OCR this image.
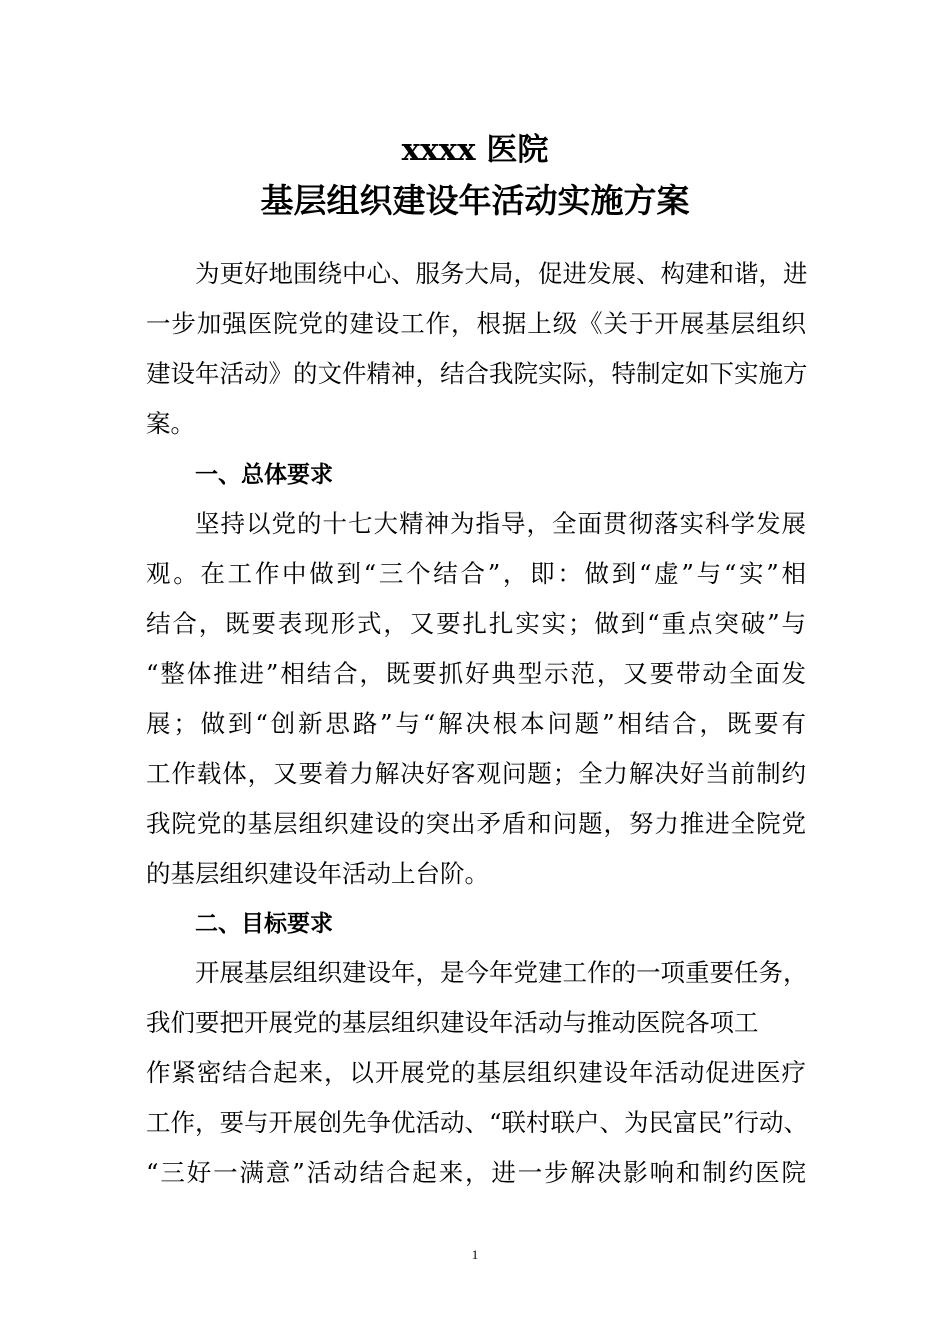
xxxx 医院
基层组织建设年活动实施方案
为更好地围绕中心、服务大局，促进发展、构建和谐，进
一步加强医院党的建设工作，根据上级《关于开展基层组织
建设年活动》的文件精神，结合我院实际，特制定如下实施方
案。
一、总体要求
坚持以党的十七大精神为指导，全面贯彻落实科学发展
观。在工作中做到“三个结合”，即：做到“虚”与“实”相
结合，既要表现形式，又要扎扎实实；做到“重点突破”与
“整体推进”相结合，既要抓好典型示范，又要带动全面发
展；做到“创新思路”与“解决根本问题”相结合，既要有
工作载体，又要着力解决好客观问题；全力解决好当前制约
我院党的基层组织建设的突出矛盾和问题，努力推进全院党
的基层组织建设年活动上台阶。
二、目标要求
开展基层组织建设年，是今年党建工作的一项重要任务，
我们要把开展党的基层组织建设年活动与推动医院各项工
作紧密结合起来，以开展党的基层组织建设年活动促进医疗
工作，要与开展创先争优活动、“联村联户、为民富民”行动、
“三好一满意”活动结合起来，进一步解决影响和制约医院
1
